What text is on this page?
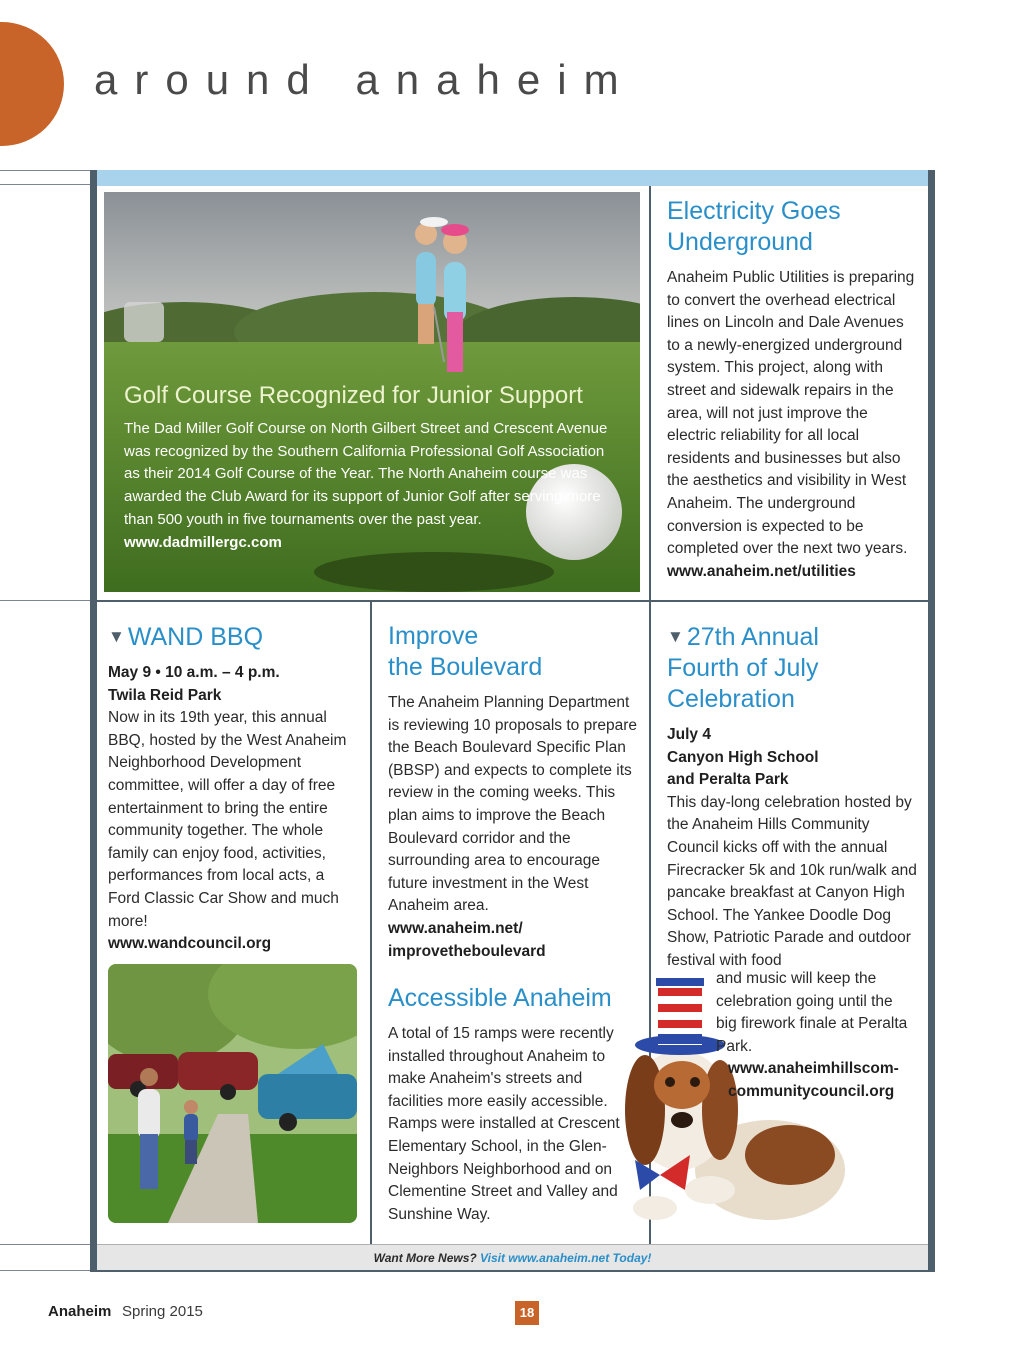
around anaheim
Golf Course Recognized for Junior Support

The Dad Miller Golf Course on North Gilbert Street and Crescent Avenue was recognized by the Southern California Professional Golf Association as their 2014 Golf Course of the Year. The North Anaheim course was awarded the Club Award for its support of Junior Golf after serving more than 500 youth in five tournaments over the past year.

www.dadmillergc.com

Electricity Goes
Underground

Anaheim Public Utilities is preparing to convert the overhead electrical lines on Lincoln and Dale Avenues to a newly-energized underground system. This project, along with street and sidewalk repairs in the area, will not just improve the electric reliability for all local residents and businesses but also the aesthetics and visibility in West Anaheim. The underground conversion is expected to be completed over the next two years.

www.anaheim.net/utilities

▼ WAND BBQ

May 9 • 10 a.m. – 4 p.m.

Twila Reid Park

Now in its 19th year, this annual BBQ, hosted by the West Anaheim Neighborhood Development committee, will offer a day of free entertainment to bring the entire community together. The whole family can enjoy food, activities, performances from local acts, a Ford Classic Car Show and much more!

www.wandcouncil.org

Improve
the Boulevard

The Anaheim Planning Department is reviewing 10 proposals to prepare the Beach Boulevard Specific Plan (BBSP) and expects to complete its review in the coming weeks. This plan aims to improve the Beach Boulevard corridor and the surrounding area to encourage future investment in the West Anaheim area.

www.anaheim.net/
improvetheboulevard

Accessible Anaheim

A total of 15 ramps were recently installed throughout Anaheim to make Anaheim's streets and facilities more easily accessible. Ramps were installed at Crescent Elementary School, in the Glen-Neighbors Neighborhood and on Clementine Street and Valley and Sunshine Way.

▼ 27th Annual
Fourth of July
Celebration

July 4

Canyon High School
and Peralta Park

This day-long celebration hosted by the Anaheim Hills Community Council kicks off with the annual Firecracker 5k and 10k run/walk and pancake breakfast at Canyon High School. The Yankee Doodle Dog Show, Patriotic Parade and outdoor festival with food

and music will keep the celebration going until the big firework finale at Peralta Park.

www.anaheimhillscom-
communitycouncil.org

Want More News? Visit www.anaheim.net Today!
Anaheim Spring 2015	18
